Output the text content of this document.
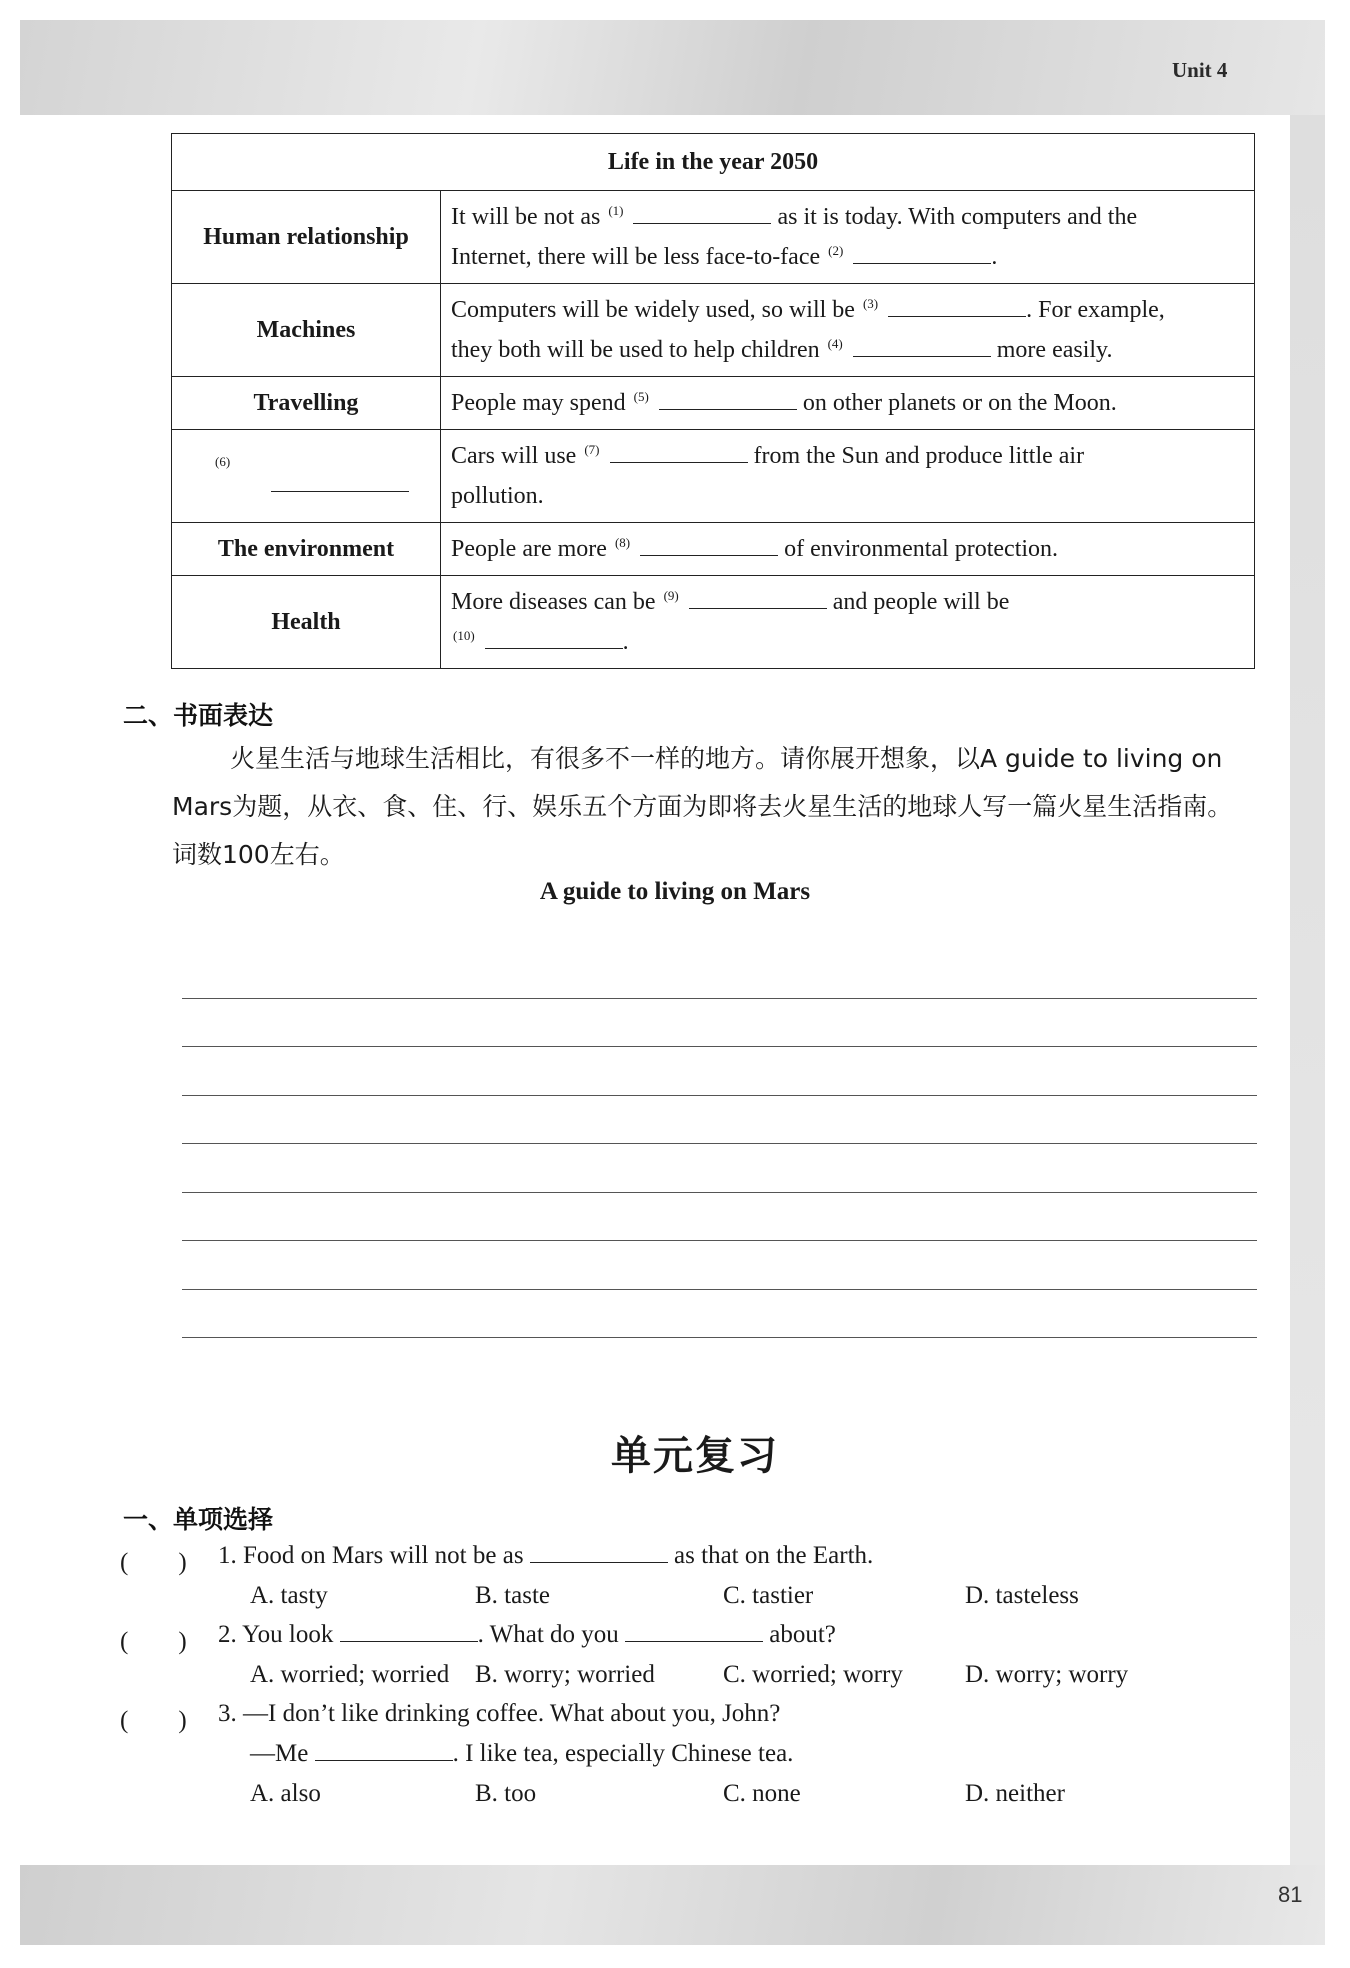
Unit 4
81
Life in the year 2050	
Human relationship	It will be not as $^{(1)}$ as it is today. With computers and the
Internet, there will be less face-to-face $^{(2)}$ .
Machines	Computers will be widely used, so will be $^{(3)}$ . For example,
they both will be used to help children $^{(4)}$ more easily.
Travelling	People may spend $^{(5)}$ on other planets or on the Moon.

$^{(6)}$	Cars will use $^{(7)}$ from the Sun and produce little air
pollution.
The environment	People are more $^{(8)}$ of environmental protection.
Health	More diseases can be $^{(9)}$ and people will be
$^{(10)}$ .
二、书面表达
火星生活与地球生活相比，有很多不一样的地方。请你展开想象，以A guide to living on Mars为题，从衣、食、住、行、娱乐五个方面为即将去火星生活的地球人写一篇火星生活指南。词数100左右。
A guide to living on Mars
单元复习
一、单项选择
(　　) 1. Food on Mars will not be as	as that on the Earth.
A. tasty	B. taste	C. tastier	D. tasteless
(　　) 2. You look	. What do you	about?
A. worried; worried B. worry; worried	C. worried; worry D. worry; worry
(　　) 3. —I don’t like drinking coffee. What about you, John?
—Me	. I like tea, especially Chinese tea.
A. also	B. too	C. none	D. neither
